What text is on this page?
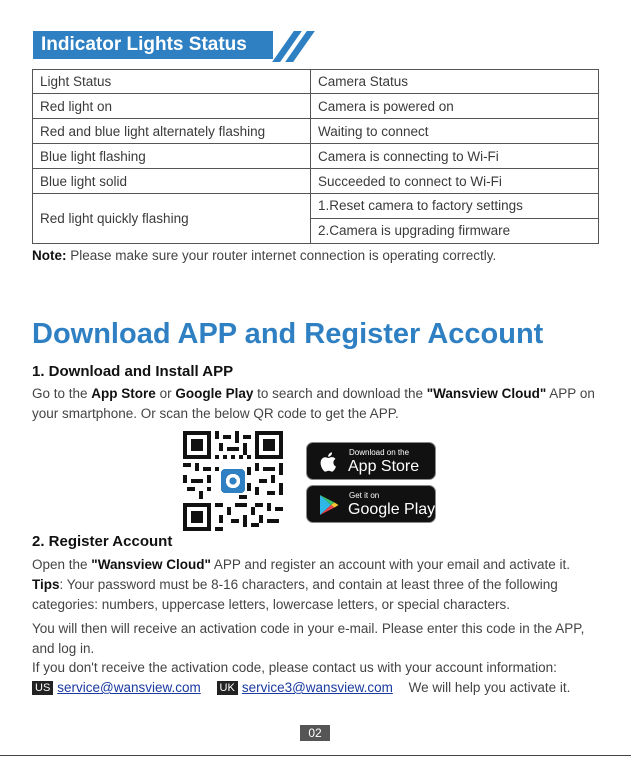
Indicator Lights Status
Light Status	Camera Status
Red light on	Camera is powered on
Red and blue light alternately flashing	Waiting to connect
Blue light flashing	Camera is connecting to Wi-Fi
Blue light solid	Succeeded to connect to Wi-Fi
Red light quickly flashing	1.Reset camera to factory settings
2.Camera is upgrading firmware
Note: Please make sure your router internet connection is operating correctly.
Download APP and Register Account
1. Download and Install APP
Go to the App Store or Google Play to search and download the "Wansview Cloud" APP on your smartphone. Or scan the below QR code to get the APP.
Download on the
App Store
Get it on
Google Play
2. Register Account
Open the "Wansview Cloud" APP and register an account with your email and activate it.
Tips: Your password must be 8-16 characters, and contain at least three of the following categories: numbers, uppercase letters, lowercase letters, or special characters.
You will then will receive an activation code in your e-mail. Please enter this code in the APP, and log in.
If you don't receive the activation code, please contact us with your account information:
US service@wansview.com UK service3@wansview.com We will help you activate it.
02
